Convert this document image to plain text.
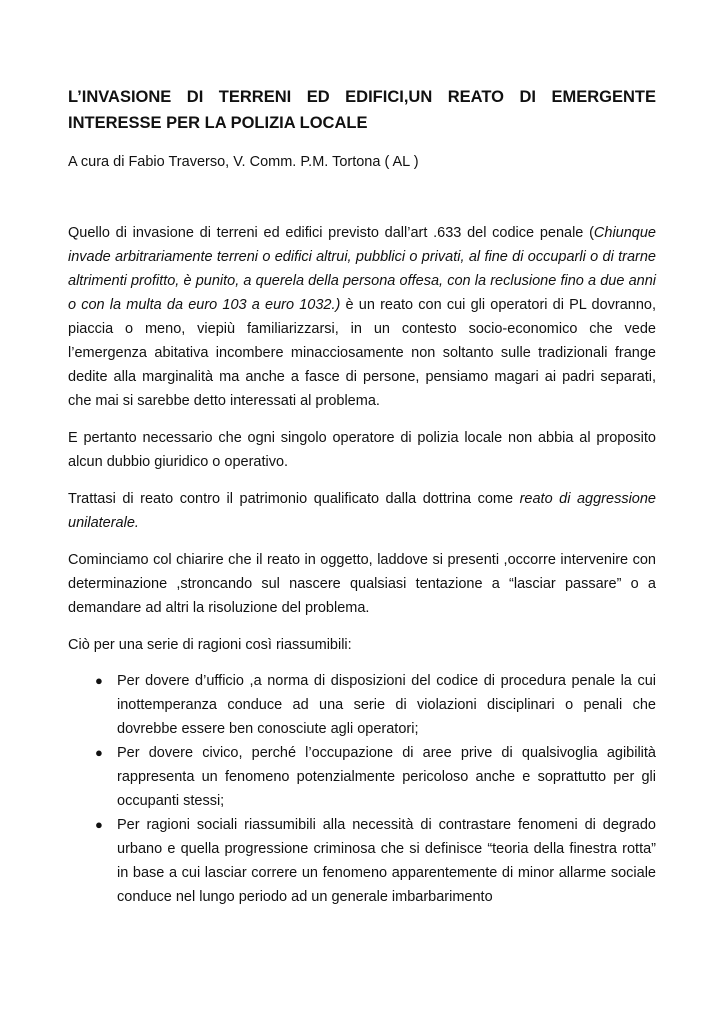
L’INVASIONE DI TERRENI ED EDIFICI,UN REATO DI EMERGENTE
INTERESSE PER LA POLIZIA LOCALE

A cura di Fabio Traverso, V. Comm. P.M. Tortona ( AL )

Quello di invasione di terreni ed edifici previsto dall’art .633 del codice penale (Chiunque invade arbitrariamente terreni o edifici altrui, pubblici o privati, al fine di occuparli o di trarne altrimenti profitto, è punito, a querela della persona offesa, con la reclusione fino a due anni o con la multa da euro 103 a euro 1032.) è un reato con cui gli operatori di PL dovranno, piaccia o meno, viepiù familiarizzarsi, in un contesto socio-economico che vede l’emergenza abitativa incombere minacciosamente non soltanto sulle tradizionali frange dedite alla marginalità ma anche a fasce di persone, pensiamo magari ai padri separati, che mai si sarebbe detto interessati al problema.

E pertanto necessario che ogni singolo operatore di polizia locale non abbia al proposito alcun dubbio giuridico o operativo.

Trattasi di reato contro il patrimonio qualificato dalla dottrina come reato di aggressione unilaterale.

Cominciamo col chiarire che il reato in oggetto, laddove si presenti ,occorre intervenire con determinazione ,stroncando sul nascere qualsiasi tentazione a “lasciar passare” o a demandare ad altri la risoluzione del problema.

Ciò per una serie di ragioni così riassumibili:

● Per dovere d’ufficio ,a norma di disposizioni del codice di procedura penale la cui inottemperanza conduce ad una serie di violazioni disciplinari o penali che dovrebbe essere ben conosciute agli operatori;
● Per dovere civico, perché l’occupazione di aree prive di qualsivoglia agibilità rappresenta un fenomeno potenzialmente pericoloso anche e soprattutto per gli occupanti stessi;
● Per ragioni sociali riassumibili alla necessità di contrastare fenomeni di degrado urbano e quella progressione criminosa che si definisce “teoria della finestra rotta” in base a cui lasciar correre un fenomeno apparentemente di minor allarme sociale conduce nel lungo periodo ad un generale imbarbarimento
